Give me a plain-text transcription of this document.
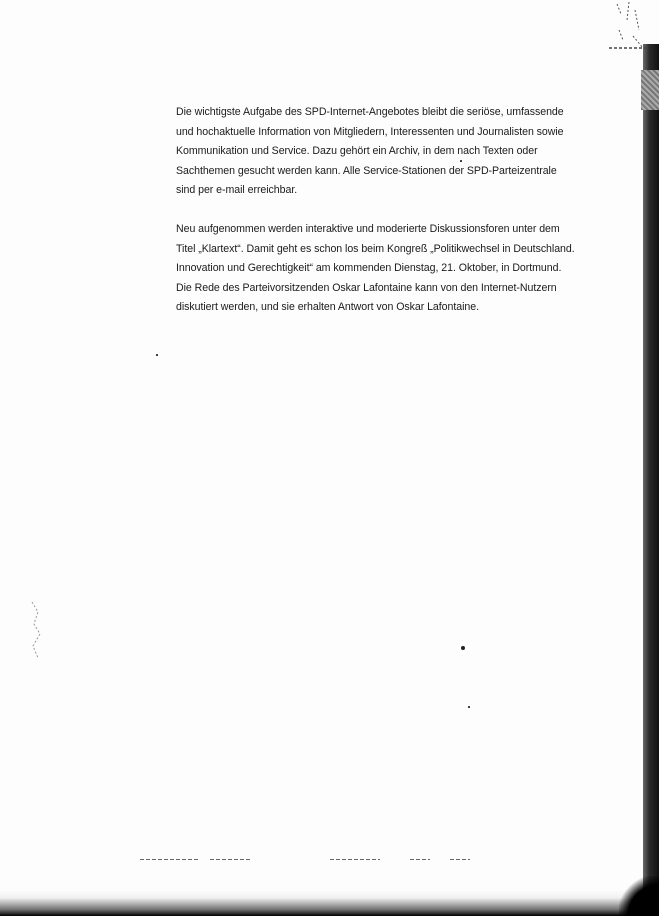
Die wichtigste Aufgabe des SPD-Internet-Angebotes bleibt die seriöse, umfassende
und hochaktuelle Information von Mitgliedern, Interessenten und Journalisten sowie
Kommunikation und Service. Dazu gehört ein Archiv, in dem nach Texten oder
Sachthemen gesucht werden kann. Alle Service-Stationen der SPD-Parteizentrale
sind per e-mail erreichbar.

Neu aufgenommen werden interaktive und moderierte Diskussionsforen unter dem
Titel „Klartext“. Damit geht es schon los beim Kongreß „Politikwechsel in Deutschland.
Innovation und Gerechtigkeit“ am kommenden Dienstag, 21. Oktober, in Dortmund.
Die Rede des Parteivorsitzenden Oskar Lafontaine kann von den Internet-Nutzern
diskutiert werden, und sie erhalten Antwort von Oskar Lafontaine.
